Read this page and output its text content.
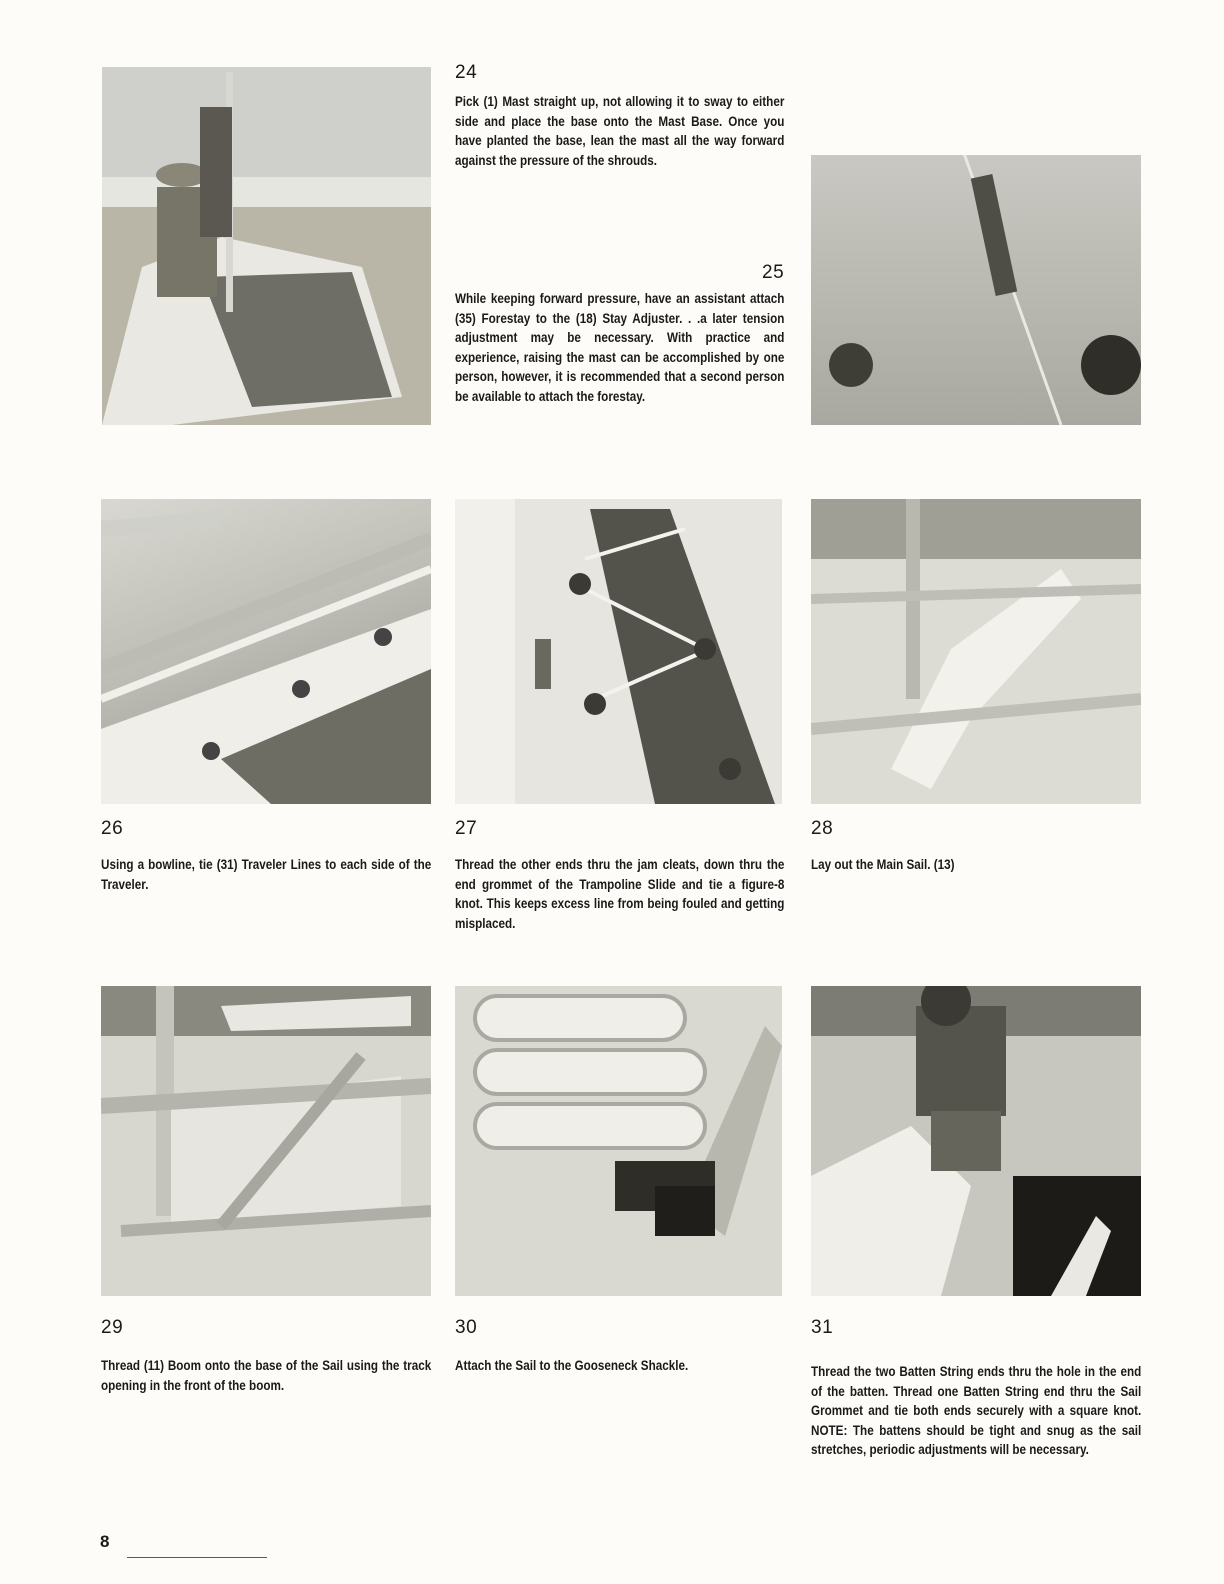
24
Pick (1) Mast straight up, not allowing it to sway to either side and place the base onto the Mast Base. Once you have planted the base, lean the mast all the way forward against the pressure of the shrouds.
25
While keeping forward pressure, have an assistant attach (35) Forestay to the (18) Stay Adjuster. . .a later tension adjustment may be necessary. With practice and experience, raising the mast can be accomplished by one person, however, it is recommended that a second person be available to attach the forestay.
26
Using a bowline, tie (31) Traveler Lines to each side of the Traveler.
27
Thread the other ends thru the jam cleats, down thru the end grommet of the Trampoline Slide and tie a figure-8 knot. This keeps excess line from being fouled and getting misplaced.
28
Lay out the Main Sail. (13)
29
Thread (11) Boom onto the base of the Sail using the track opening in the front of the boom.
30
Attach the Sail to the Gooseneck Shackle.
31
Thread the two Batten String ends thru the hole in the end of the batten. Thread one Batten String end thru the Sail Grommet and tie both ends securely with a square knot. NOTE: The battens should be tight and snug as the sail stretches, periodic adjustments will be necessary.
8
